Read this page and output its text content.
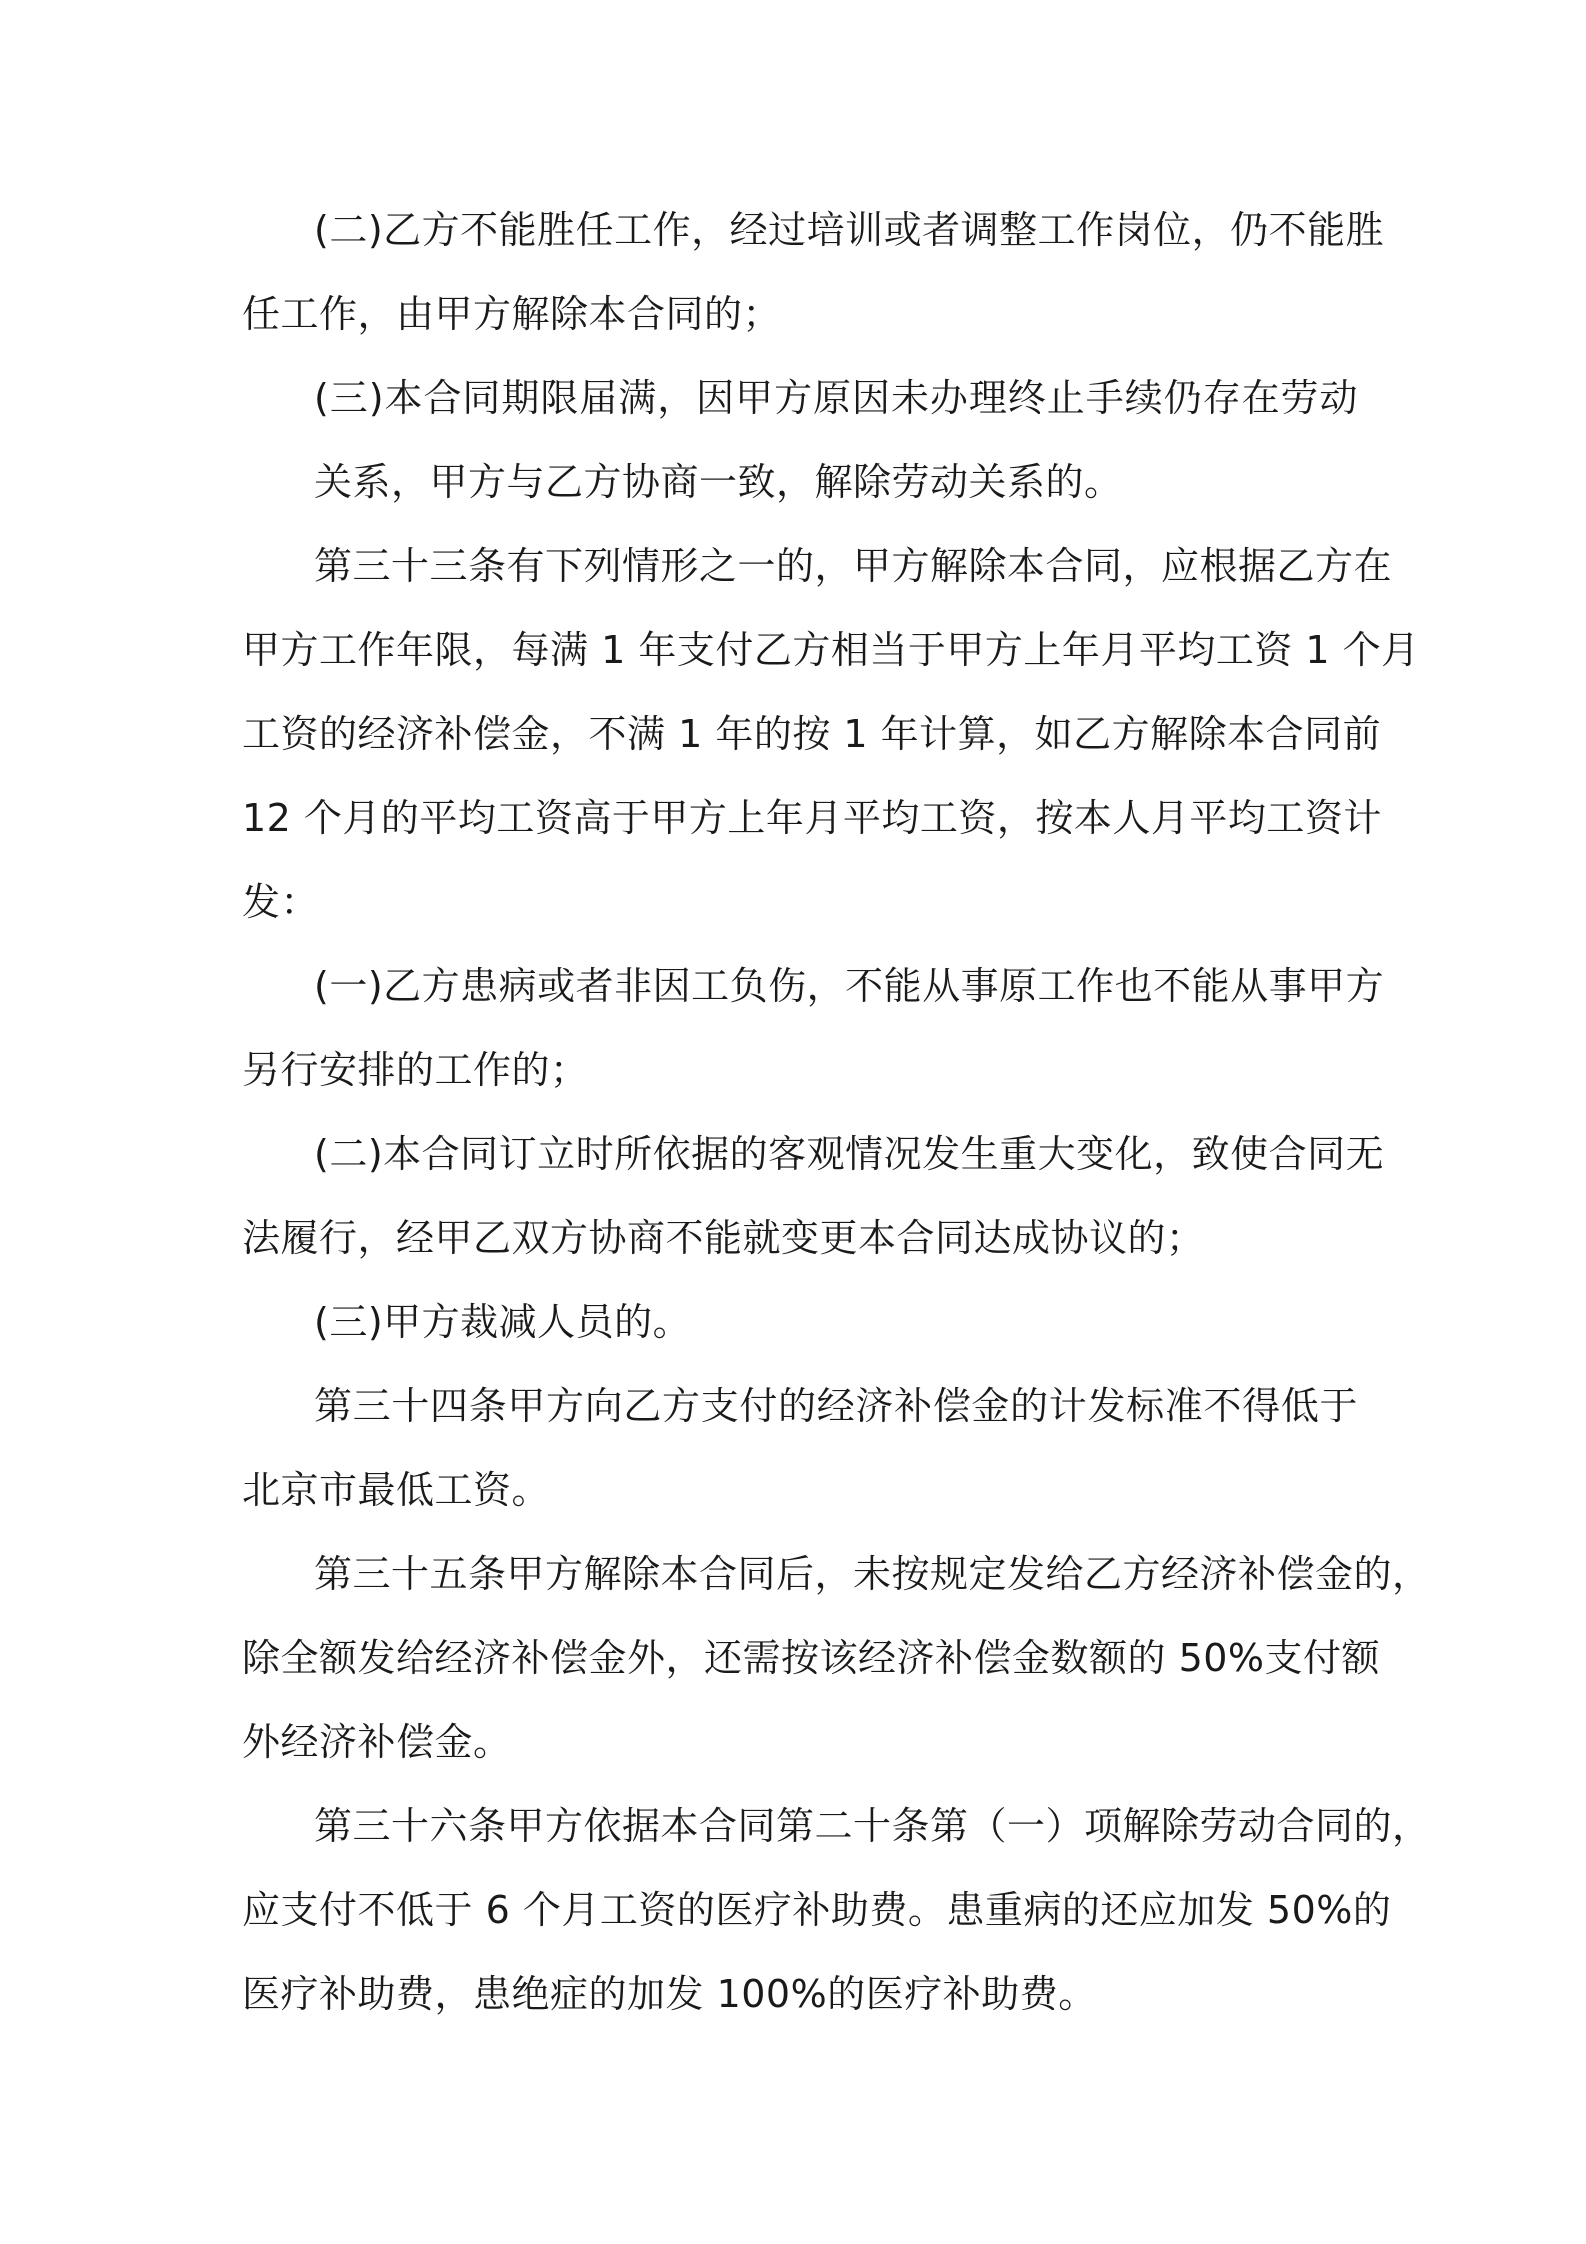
(二)乙方不能胜任工作，经过培训或者调整工作岗位，仍不能胜

任工作，由甲方解除本合同的；

(三)本合同期限届满，因甲方原因未办理终止手续仍存在劳动

关系，甲方与乙方协商一致，解除劳动关系的。

第三十三条有下列情形之一的，甲方解除本合同，应根据乙方在

甲方工作年限，每满 1 年支付乙方相当于甲方上年月平均工资 1 个月

工资的经济补偿金，不满 1 年的按 1 年计算，如乙方解除本合同前

12 个月的平均工资高于甲方上年月平均工资，按本人月平均工资计

发：

(一)乙方患病或者非因工负伤，不能从事原工作也不能从事甲方

另行安排的工作的；

(二)本合同订立时所依据的客观情况发生重大变化，致使合同无

法履行，经甲乙双方协商不能就变更本合同达成协议的；

(三)甲方裁减人员的。

第三十四条甲方向乙方支付的经济补偿金的计发标准不得低于

北京市最低工资。

第三十五条甲方解除本合同后，未按规定发给乙方经济补偿金的，

除全额发给经济补偿金外，还需按该经济补偿金数额的 50%支付额

外经济补偿金。

第三十六条甲方依据本合同第二十条第（一）项解除劳动合同的，

应支付不低于 6 个月工资的医疗补助费。患重病的还应加发 50%的

医疗补助费，患绝症的加发 100%的医疗补助费。
